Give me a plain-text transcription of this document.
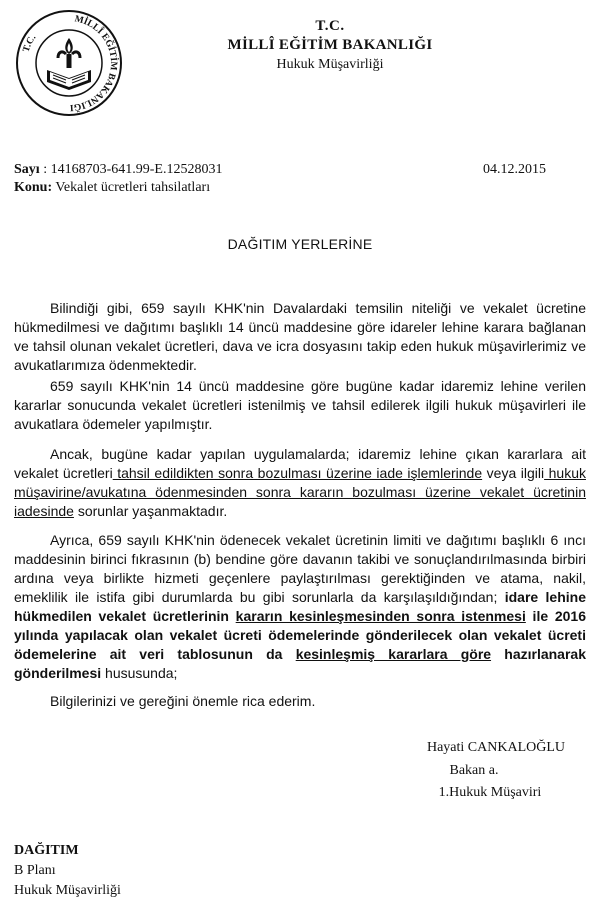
MİLLÎ EĞİTİM BAKANLIĞI
T.C.
T.C.
MİLLÎ EĞİTİM BAKANLIĞI
Hukuk Müşavirliği
Sayı : 14168703-641.99-E.12528031
Konu: Vekalet ücretleri tahsilatları
04.12.2015
DAĞITIM YERLERİNE

Bilindiği gibi, 659 sayılı KHK'nin Davalardaki temsilin niteliği ve vekalet ücretine hükmedilmesi ve dağıtımı başlıklı 14 üncü maddesine göre idareler lehine karara bağlanan ve tahsil olunan vekalet ücretleri, dava ve icra dosyasını takip eden hukuk müşavirlerimiz ve avukatlarımıza ödenmektedir.

659 sayılı KHK'nin 14 üncü maddesine göre bugüne kadar idaremiz lehine verilen kararlar sonucunda vekalet ücretleri istenilmiş ve tahsil edilerek ilgili hukuk müşavirleri ile avukatlara ödemeler yapılmıştır.

Ancak, bugüne kadar yapılan uygulamalarda; idaremiz lehine çıkan kararlara ait vekalet ücretleri tahsil edildikten sonra bozulması üzerine iade işlemlerinde veya ilgili hukuk müşavirine/avukatına ödenmesinden sonra kararın bozulması üzerine vekalet ücretinin iadesinde sorunlar yaşanmaktadır.

Ayrıca, 659 sayılı KHK'nin ödenecek vekalet ücretinin limiti ve dağıtımı başlıklı 6 ıncı maddesinin birinci fıkrasının (b) bendine göre davanın takibi ve sonuçlandırılmasında birbiri ardına veya birlikte hizmeti geçenlere paylaştırılması gerektiğinden ve atama, nakil, emeklilik ile istifa gibi durumlarda bu gibi sorunlarla da karşılaşıldığından; idare lehine hükmedilen vekalet ücretlerinin kararın kesinleşmesinden sonra istenmesi ile 2016 yılında yapılacak olan vekalet ücreti ödemelerinde gönderilecek olan vekalet ücreti ödemelerine ait veri tablosunun da kesinleşmiş kararlara göre hazırlanarak gönderilmesi hususunda;

Bilgilerinizi ve gereğini önemle rica ederim.

Hayati CANKALOĞLU
Bakan a.
1.Hukuk Müşaviri
DAĞITIM
B Planı
Hukuk Müşavirliği
